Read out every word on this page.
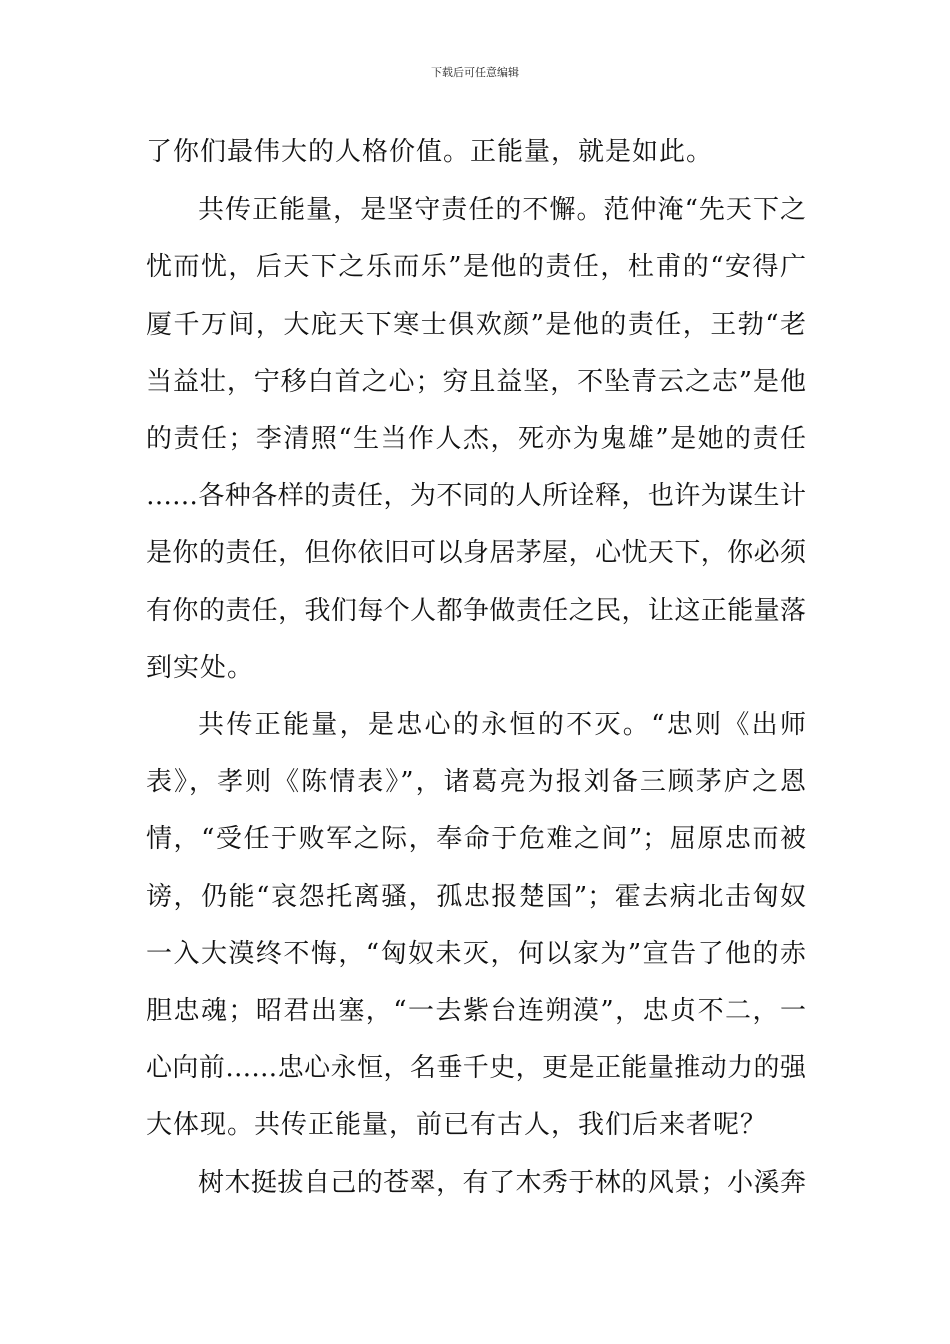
下载后可任意编辑
了你们最伟大的人格价值。正能量，就是如此。
共传正能量，是坚守责任的不懈。范仲淹“先天下之
忧而忧，后天下之乐而乐”是他的责任，杜甫的“安得广
厦千万间，大庇天下寒士俱欢颜”是他的责任，王勃“老
当益壮，宁移白首之心；穷且益坚，不坠青云之志”是他
的责任；李清照“生当作人杰，死亦为鬼雄”是她的责任
……各种各样的责任，为不同的人所诠释，也许为谋生计
是你的责任，但你依旧可以身居茅屋，心忧天下，你必须
有你的责任，我们每个人都争做责任之民，让这正能量落
到实处。
共传正能量，是忠心的永恒的不灭。“忠则《出师
表》，孝则《陈情表》”，诸葛亮为报刘备三顾茅庐之恩
情，“受任于败军之际，奉命于危难之间”；屈原忠而被
谤，仍能“哀怨托离骚，孤忠报楚国”；霍去病北击匈奴
一入大漠终不悔，“匈奴未灭，何以家为”宣告了他的赤
胆忠魂；昭君出塞，“一去紫台连朔漠”，忠贞不二，一
心向前……忠心永恒，名垂千史，更是正能量推动力的强
大体现。共传正能量，前已有古人，我们后来者呢？
树木挺拔自己的苍翠，有了木秀于林的风景；小溪奔
